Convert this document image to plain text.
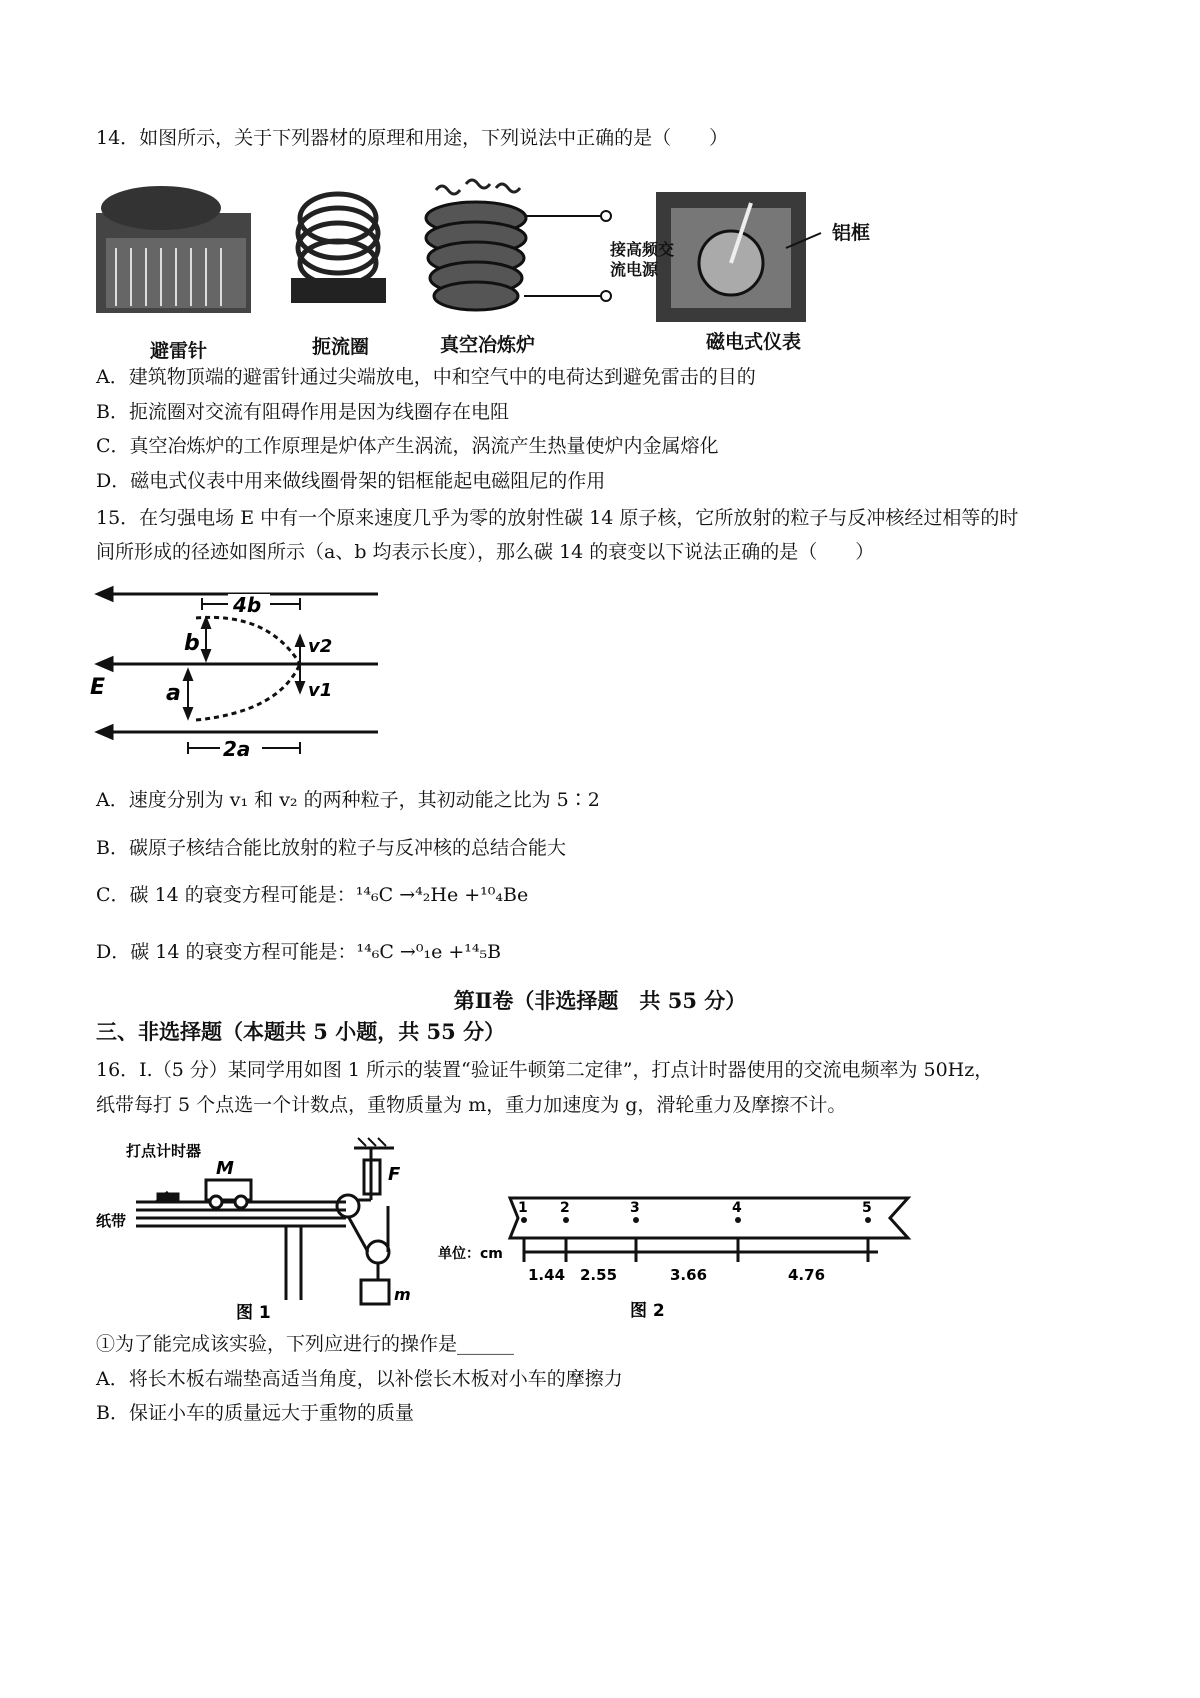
14．如图所示，关于下列器材的原理和用途，下列说法中正确的是（　　）
接高频交流电源
铝框
避雷针	扼流圈	真空冶炼炉	磁电式仪表
A．建筑物顶端的避雷针通过尖端放电，中和空气中的电荷达到避免雷击的目的
B．扼流圈对交流有阻碍作用是因为线圈存在电阻
C．真空冶炼炉的工作原理是炉体产生涡流，涡流产生热量使炉内金属熔化
D．磁电式仪表中用来做线圈骨架的铝框能起电磁阻尼的作用
15．在匀强电场 E 中有一个原来速度几乎为零的放射性碳 14 原子核，它所放射的粒子与反冲核经过相等的时
间所形成的径迹如图所示（a、b 均表示长度），那么碳 14 的衰变以下说法正确的是（　　）
4b
b
a
E
v2
v1
2a
A．速度分别为 v₁ 和 v₂ 的两种粒子，其初动能之比为 5∶2
B．碳原子核结合能比放射的粒子与反冲核的总结合能大
C．碳 14 的衰变方程可能是：¹⁴₆C →⁴₂He +¹⁰₄Be
D．碳 14 的衰变方程可能是：¹⁴₆C →⁰₁e +¹⁴₅B
第Ⅱ卷（非选择题　共 55 分）
三、非选择题（本题共 5 小题，共 55 分）
16．Ⅰ.（5 分）某同学用如图 1 所示的装置“验证牛顿第二定律”，打点计时器使用的交流电频率为 50Hz，
纸带每打 5 个点选一个计数点，重物质量为 m，重力加速度为 g，滑轮重力及摩擦不计。
打点计时器
纸带
M	F
m
图 1
1 2	3	4	5
单位：cm
1.44 2.55	3.66	4.76
图 2
①为了能完成该实验，下列应进行的操作是______
A．将长木板右端垫高适当角度，以补偿长木板对小车的摩擦力
B．保证小车的质量远大于重物的质量
